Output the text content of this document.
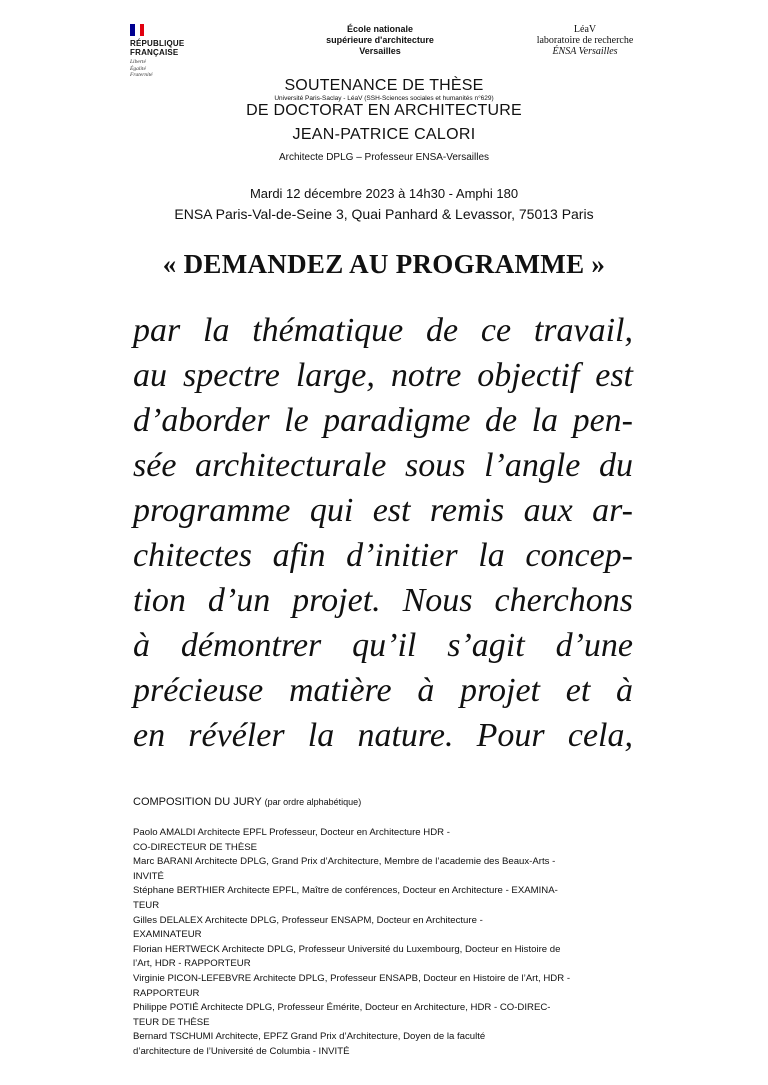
RÉPUBLIQUE
FRANÇAISE
Liberté
Égalité
Fraternité
École nationale
supérieure d'architecture
Versailles
LéaV
laboratoire de recherche
ÉNSA Versailles
SOUTENANCE DE THÈSE
Université Paris-Saclay - LéaV (SSH-Sciences sociales et humanités n°629)
DE DOCTORAT EN ARCHITECTURE
JEAN-PATRICE CALORI
Architecte DPLG – Professeur ENSA-Versailles
Mardi 12 décembre 2023 à 14h30 - Amphi 180
ENSA Paris-Val-de-Seine 3, Quai Panhard & Levassor, 75013 Paris
« DEMANDEZ AU PROGRAMME »
par la thématique de ce travail,
au spectre large, notre objectif est
d’aborder le paradigme de la pen-
sée architecturale sous l’angle du
programme qui est remis aux ar-
chitectes afin d’initier la concep-
tion d’un projet. Nous cherchons
à démontrer qu’il s’agit d’une
précieuse matière à projet et à
en révéler la nature. Pour cela,
COMPOSITION DU JURY (par ordre alphabétique)
Paolo AMALDI Architecte EPFL Professeur, Docteur en Architecture HDR -
CO-DIRECTEUR DE THÈSE
Marc BARANI Architecte DPLG, Grand Prix d’Architecture, Membre de l’academie des Beaux-Arts -
INVITÉ
Stéphane BERTHIER Architecte EPFL, Maître de conférences, Docteur en Architecture - EXAMINA-
TEUR
Gilles DELALEX Architecte DPLG, Professeur ENSAPM, Docteur en Architecture -
EXAMINATEUR
Florian HERTWECK Architecte DPLG, Professeur Université du Luxembourg, Docteur en Histoire de
l’Art, HDR - RAPPORTEUR
Virginie PICON-LEFEBVRE Architecte DPLG, Professeur ENSAPB, Docteur en Histoire de l’Art, HDR -
RAPPORTEUR
Philippe POTIÉ Architecte DPLG, Professeur Émérite, Docteur en Architecture, HDR - CO-DIREC-
TEUR DE THÈSE
Bernard TSCHUMI Architecte, EPFZ Grand Prix d’Architecture, Doyen de la faculté
d’architecture de l’Université de Columbia - INVITÉ
